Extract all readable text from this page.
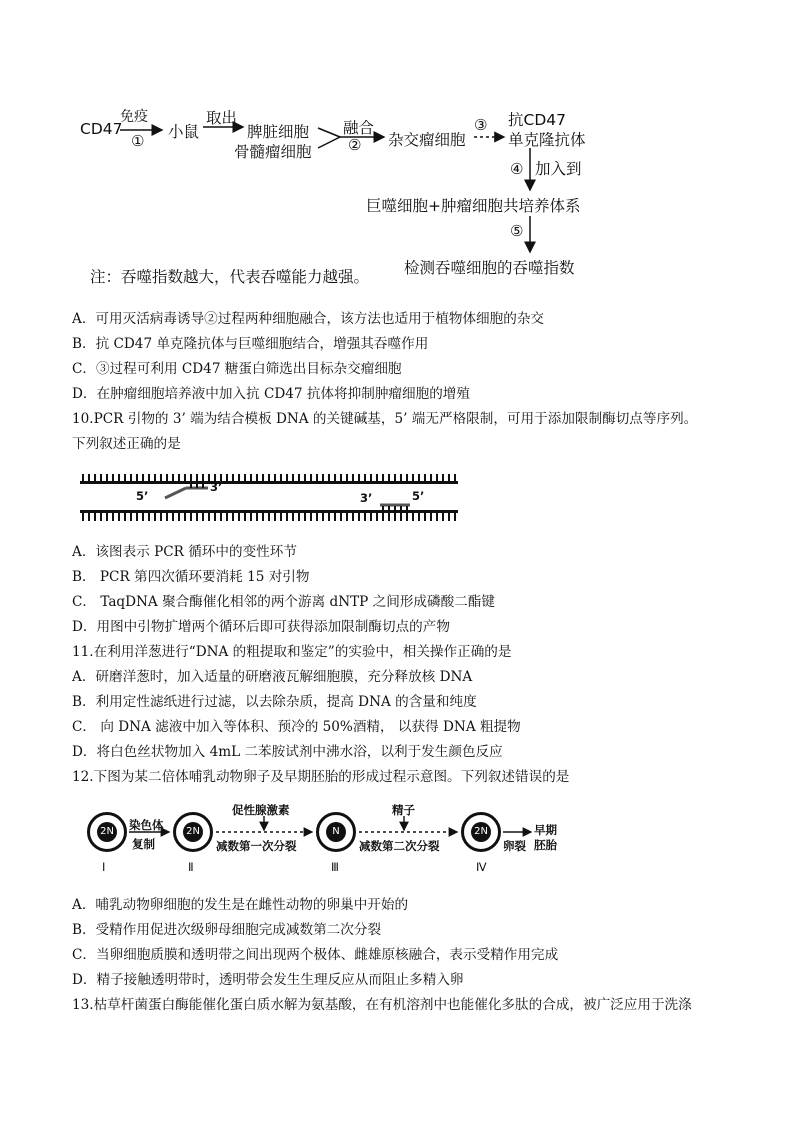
CD47
免疫
① 小鼠
取出
脾脏细胞
骨髓瘤细胞
融合
② 杂交瘤细胞
③ 抗CD47
单克隆抗体
④ 加入到
巨噬细胞+肿瘤细胞共培养体系
⑤
检测吞噬细胞的吞噬指数
注：吞噬指数越大，代表吞噬能力越强。
A．可用灭活病毒诱导②过程两种细胞融合，该方法也适用于植物体细胞的杂交
B．抗 CD47 单克隆抗体与巨噬细胞结合，增强其吞噬作用
C．③过程可利用 CD47 糖蛋白筛选出目标杂交瘤细胞
D．在肿瘤细胞培养液中加入抗 CD47 抗体将抑制肿瘤细胞的增殖
10.PCR 引物的 3’ 端为结合模板 DNA 的关键碱基，5’ 端无严格限制，可用于添加限制酶切点等序列。
下列叙述正确的是
5’
3’
3’	5’
A．该图表示 PCR 循环中的变性环节
B． PCR 第四次循环要消耗 15 对引物
C． TaqDNA 聚合酶催化相邻的两个游离 dNTP 之间形成磷酸二酯键
D．用图中引物扩增两个循环后即可获得添加限制酶切点的产物
11.在利用洋葱进行“DNA 的粗提取和鉴定”的实验中，相关操作正确的是
A．研磨洋葱时，加入适量的研磨液瓦解细胞膜，充分释放核 DNA
B．利用定性滤纸进行过滤，以去除杂质，提高 DNA 的含量和纯度
C． 向 DNA 滤液中加入等体积、预冷的 50%酒精， 以获得 DNA 粗提物
D．将白色丝状物加入 4mL 二苯胺试剂中沸水浴，以利于发生颜色反应
12.下图为某二倍体哺乳动物卵子及早期胚胎的形成过程示意图。下列叙述错误的是
2N	2N	N	2N
Ⅰ	Ⅱ	Ⅲ	Ⅳ
染色体
复制
促性腺激素
减数第一次分裂
精子
减数第二次分裂	卵裂
早期
胚胎
A．哺乳动物卵细胞的发生是在雌性动物的卵巢中开始的
B．受精作用促进次级卵母细胞完成减数第二次分裂
C．当卵细胞质膜和透明带之间出现两个极体、雌雄原核融合，表示受精作用完成
D．精子接触透明带时，透明带会发生生理反应从而阻止多精入卵
13.枯草杆菌蛋白酶能催化蛋白质水解为氨基酸，在有机溶剂中也能催化多肽的合成，被广泛应用于洗涤
